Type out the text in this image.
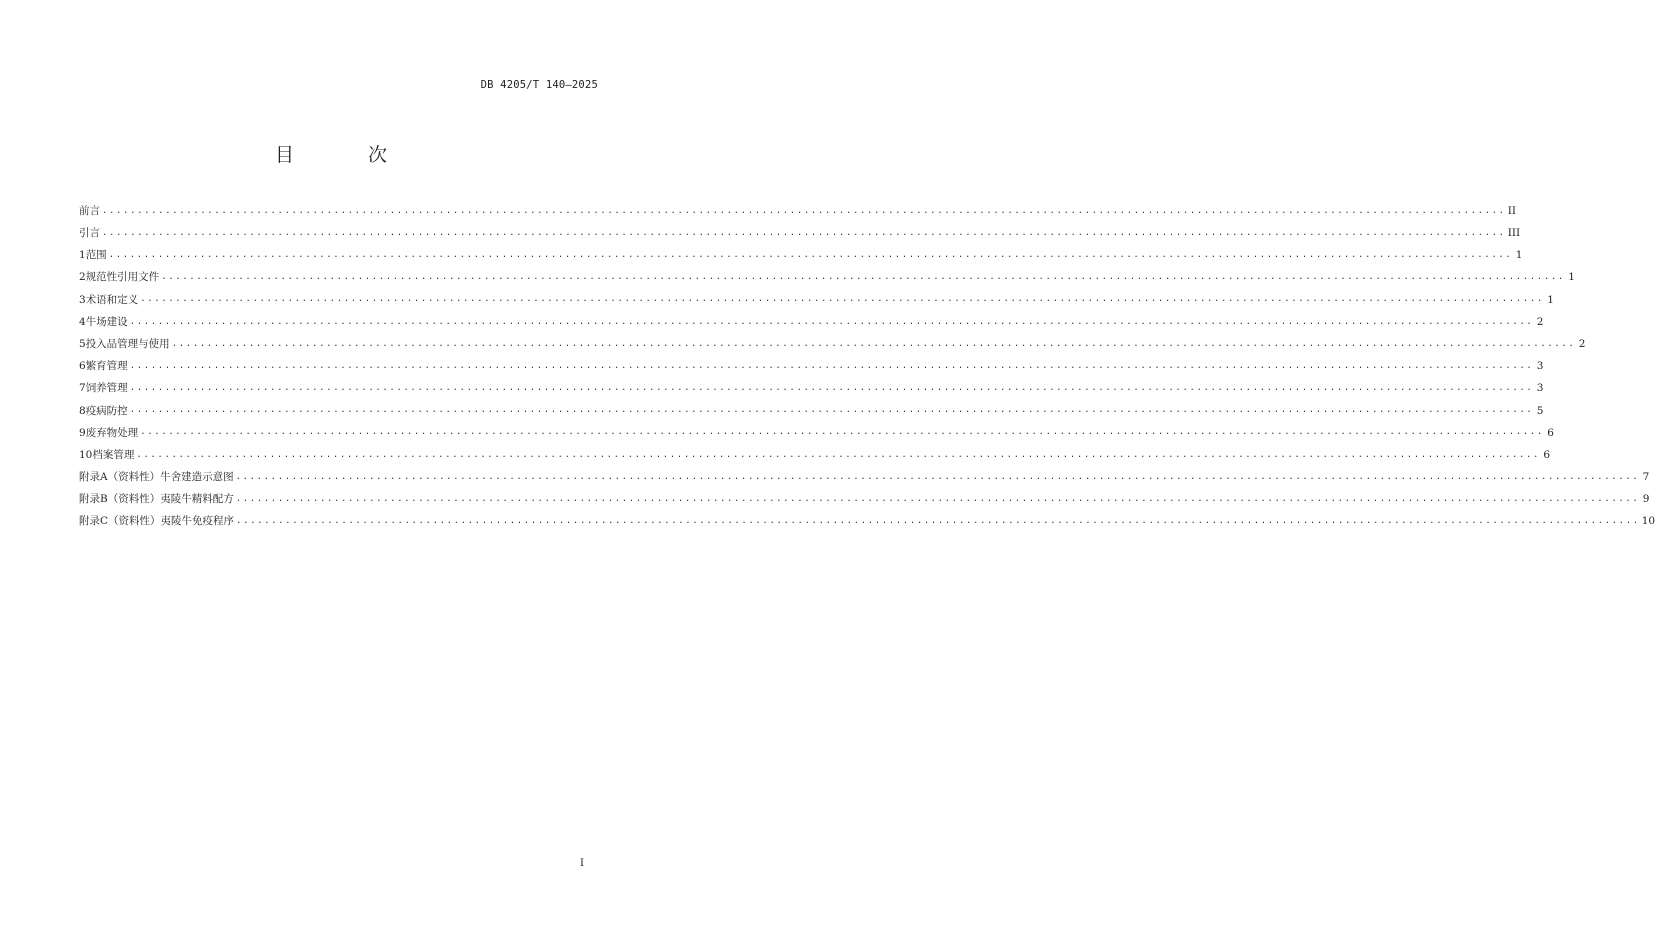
DB 4205/T 140—2025
目 次
前言 ........................................................................................................................................................................................................ II
引言 ........................................................................................................................................................................................................ III
1 范围 ........................................................................................................................................................................................................ 1
2 规范性引用文件 ........................................................................................................................................................................................................ 1
3 术语和定义 ........................................................................................................................................................................................................ 1
4 牛场建设 ........................................................................................................................................................................................................ 2
5 投入品管理与使用 ........................................................................................................................................................................................................ 2
6 繁育管理 ........................................................................................................................................................................................................ 3
7 饲养管理 ........................................................................................................................................................................................................ 3
8 疫病防控 ........................................................................................................................................................................................................ 5
9 废弃物处理 ........................................................................................................................................................................................................ 6
10 档案管理 ........................................................................................................................................................................................................ 6
附录A（资料性） 牛舍建造示意图 ........................................................................................................................................................................................................ 7
附录B（资料性） 夷陵牛精料配方 ........................................................................................................................................................................................................ 9
附录C（资料性） 夷陵牛免疫程序 ........................................................................................................................................................................................................ 10
I
